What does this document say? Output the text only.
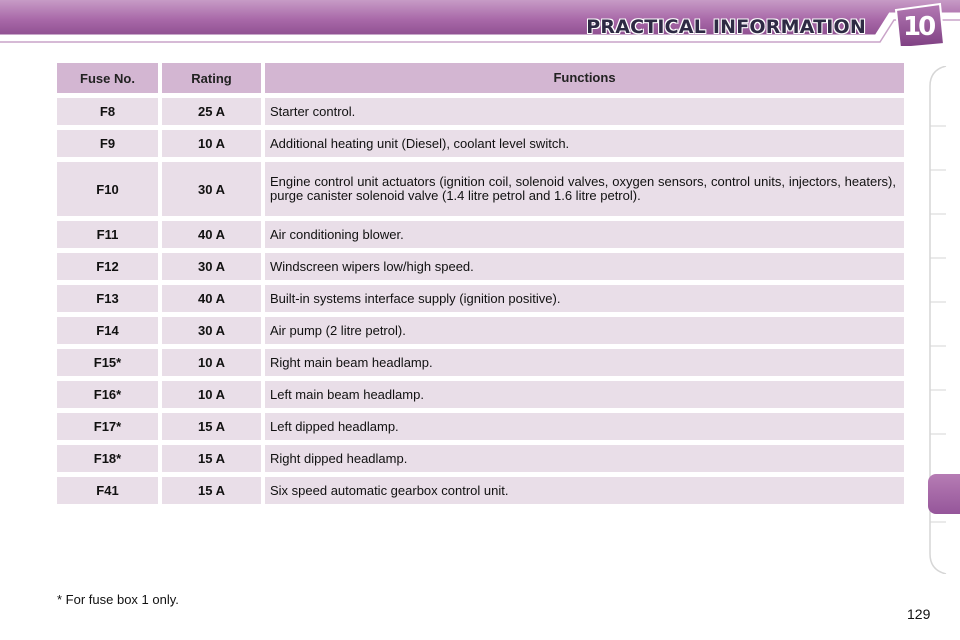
PRACTICAL INFORMATION 10
Fuse No.	Rating	Functions
F8	25 A	Starter control.
F9	10 A	Additional heating unit (Diesel), coolant level switch.
F10	30 A	Engine control unit actuators (ignition coil, solenoid valves, oxygen sensors, control units, injectors, heaters), purge canister solenoid valve (1.4 litre petrol and 1.6 litre petrol).
F11	40 A	Air conditioning blower.
F12	30 A	Windscreen wipers low/high speed.
F13	40 A	Built-in systems interface supply (ignition positive).
F14	30 A	Air pump (2 litre petrol).
F15*	10 A	Right main beam headlamp.
F16*	10 A	Left main beam headlamp.
F17*	15 A	Left dipped headlamp.
F18*	15 A	Right dipped headlamp.
F41	15 A	Six speed automatic gearbox control unit.
* For fuse box 1 only.
129
